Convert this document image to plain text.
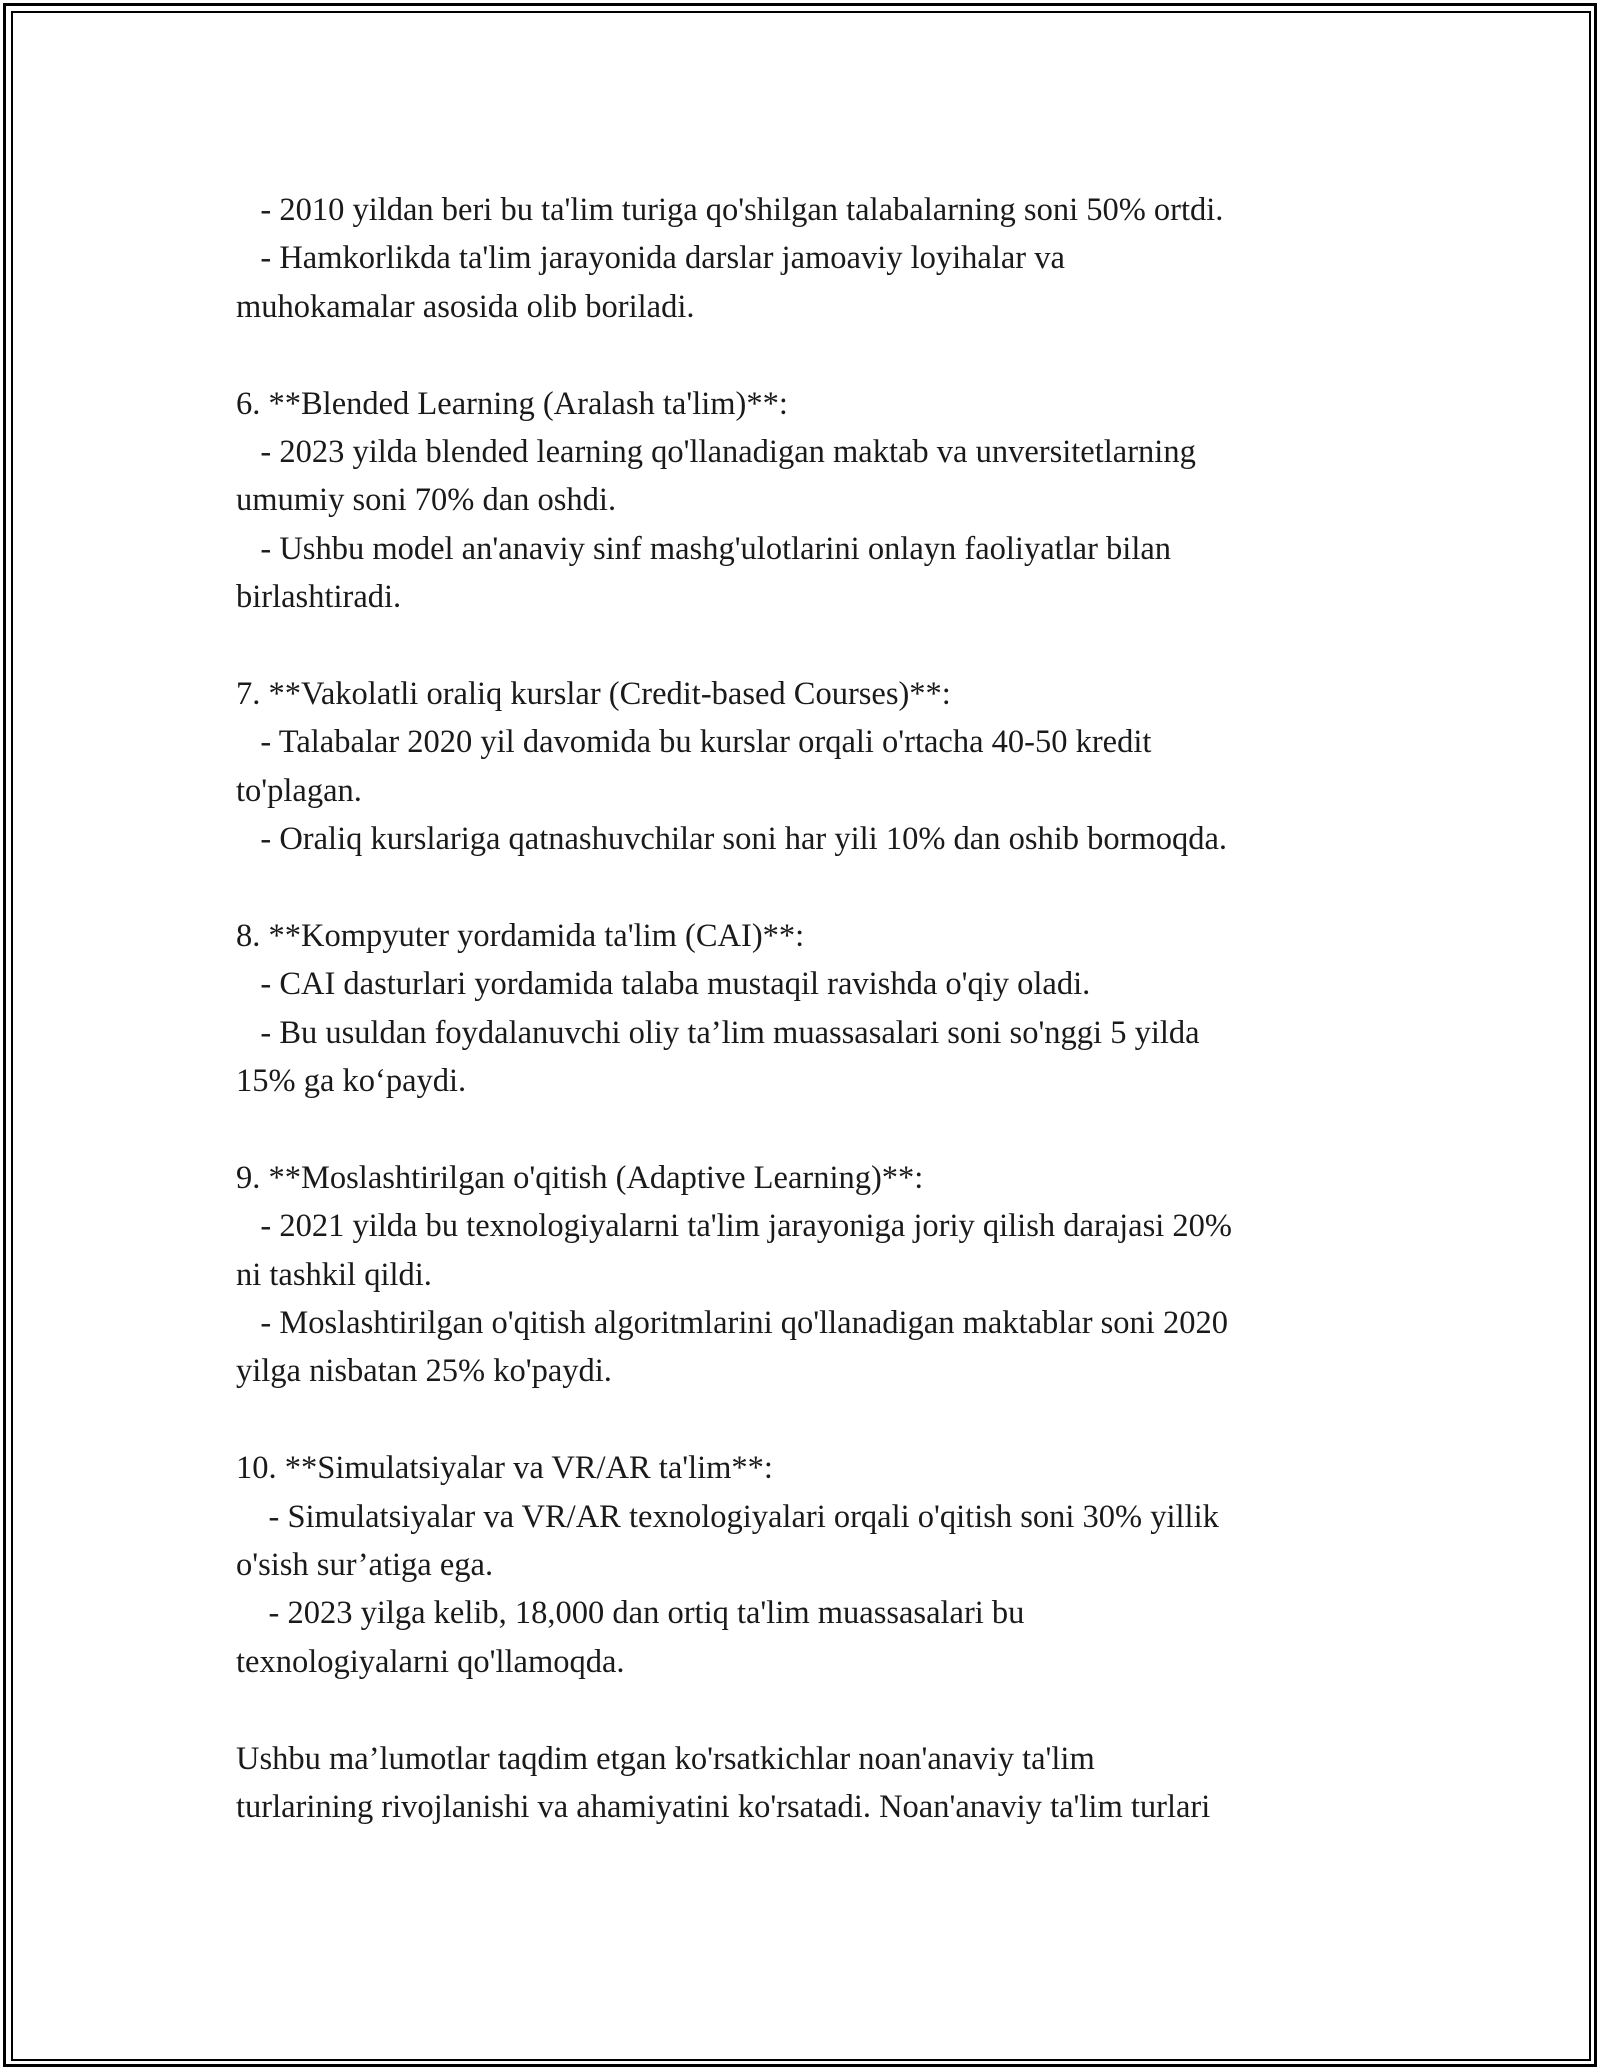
- 2010 yildan beri bu ta'lim turiga qo'shilgan talabalarning soni 50% ortdi.
- Hamkorlikda ta'lim jarayonida darslar jamoaviy loyihalar va
muhokamalar asosida olib boriladi.
6. **Blended Learning (Aralash ta'lim)**:
- 2023 yilda blended learning qo'llanadigan maktab va unversitetlarning
umumiy soni 70% dan oshdi.
- Ushbu model an'anaviy sinf mashg'ulotlarini onlayn faoliyatlar bilan
birlashtiradi.
7. **Vakolatli oraliq kurslar (Credit-based Courses)**:
- Talabalar 2020 yil davomida bu kurslar orqali o'rtacha 40-50 kredit
to'plagan.
- Oraliq kurslariga qatnashuvchilar soni har yili 10% dan oshib bormoqda.
8. **Kompyuter yordamida ta'lim (CAI)**:
- CAI dasturlari yordamida talaba mustaqil ravishda o'qiy oladi.
- Bu usuldan foydalanuvchi oliy ta’lim muassasalari soni so'nggi 5 yilda
15% ga ko‘paydi.
9. **Moslashtirilgan o'qitish (Adaptive Learning)**:
- 2021 yilda bu texnologiyalarni ta'lim jarayoniga joriy qilish darajasi 20%
ni tashkil qildi.
- Moslashtirilgan o'qitish algoritmlarini qo'llanadigan maktablar soni 2020
yilga nisbatan 25% ko'paydi.
10. **Simulatsiyalar va VR/AR ta'lim**:
- Simulatsiyalar va VR/AR texnologiyalari orqali o'qitish soni 30% yillik
o'sish sur’atiga ega.
- 2023 yilga kelib, 18,000 dan ortiq ta'lim muassasalari bu
texnologiyalarni qo'llamoqda.
Ushbu ma’lumotlar taqdim etgan ko'rsatkichlar noan'anaviy ta'lim
turlarining rivojlanishi va ahamiyatini ko'rsatadi. Noan'anaviy ta'lim turlari
